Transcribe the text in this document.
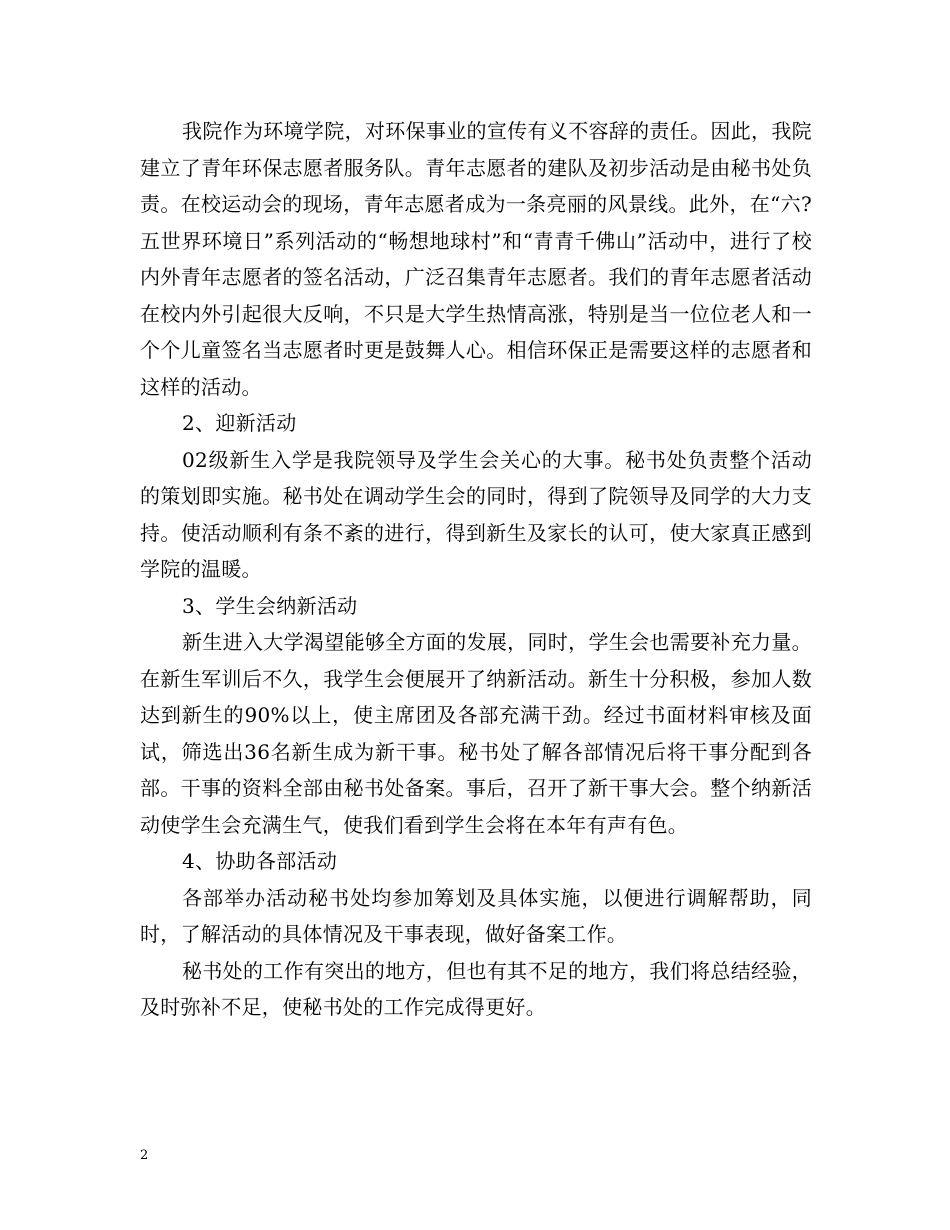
我院作为环境学院，对环保事业的宣传有义不容辞的责任。因此，我院建立了青年环保志愿者服务队。青年志愿者的建队及初步活动是由秘书处负责。在校运动会的现场，青年志愿者成为一条亮丽的风景线。此外，在“六?五世界环境日”系列活动的“畅想地球村”和“青青千佛山”活动中，进行了校内外青年志愿者的签名活动，广泛召集青年志愿者。我们的青年志愿者活动在校内外引起很大反响，不只是大学生热情高涨，特别是当一位位老人和一个个儿童签名当志愿者时更是鼓舞人心。相信环保正是需要这样的志愿者和这样的活动。

2、迎新活动

02级新生入学是我院领导及学生会关心的大事。秘书处负责整个活动的策划即实施。秘书处在调动学生会的同时，得到了院领导及同学的大力支持。使活动顺利有条不紊的进行，得到新生及家长的认可，使大家真正感到学院的温暖。

3、学生会纳新活动

新生进入大学渴望能够全方面的发展，同时，学生会也需要补充力量。在新生军训后不久，我学生会便展开了纳新活动。新生十分积极，参加人数达到新生的90%以上，使主席团及各部充满干劲。经过书面材料审核及面试，筛选出36名新生成为新干事。秘书处了解各部情况后将干事分配到各部。干事的资料全部由秘书处备案。事后，召开了新干事大会。整个纳新活动使学生会充满生气，使我们看到学生会将在本年有声有色。

4、协助各部活动

各部举办活动秘书处均参加筹划及具体实施，以便进行调解帮助，同时，了解活动的具体情况及干事表现，做好备案工作。

秘书处的工作有突出的地方，但也有其不足的地方，我们将总结经验，及时弥补不足，使秘书处的工作完成得更好。

2
